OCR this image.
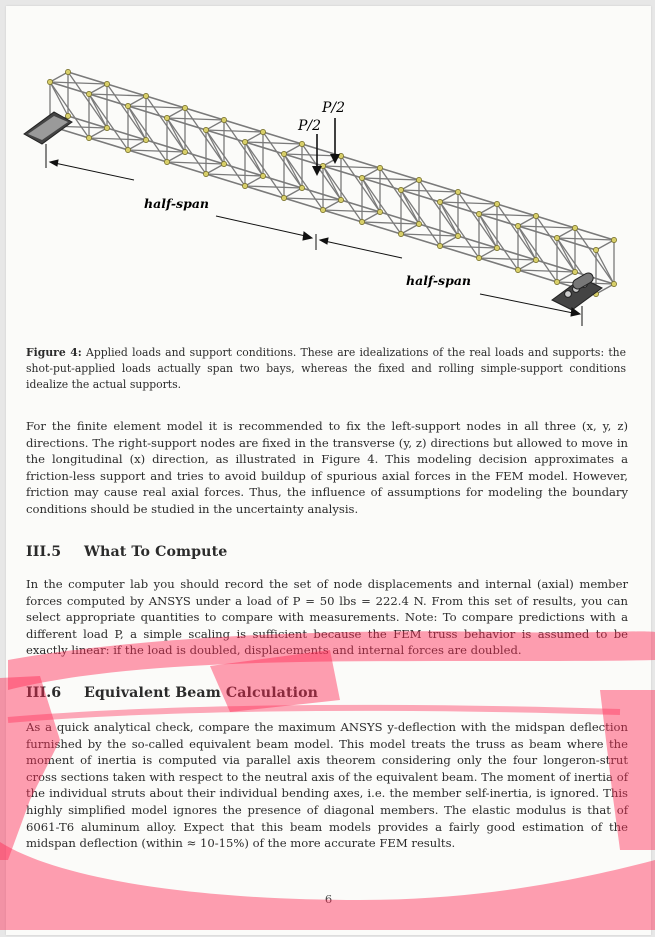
P/2
P/2
half-span
half-span
Figure 4: Applied loads and support conditions. These are idealizations of the real loads and supports: the shot-put-applied loads actually span two bays, whereas the fixed and rolling simple-support conditions idealize the actual supports.
For the finite element model it is recommended to fix the left-support nodes in all three (x, y, z) directions. The right-support nodes are fixed in the transverse (y, z) directions but allowed to move in the longitudinal (x) direction, as illustrated in Figure 4. This modeling decision approximates a friction-less support and tries to avoid buildup of spurious axial forces in the FEM model. However, friction may cause real axial forces. Thus, the influence of assumptions for modeling the boundary conditions should be studied in the uncertainty analysis.
III.5 What To Compute
In the computer lab you should record the set of node displacements and internal (axial) member forces computed by ANSYS under a load of P = 50 lbs = 222.4 N. From this set of results, you can select appropriate quantities to compare with measurements. Note: To compare predictions with a different load P, a simple scaling is sufficient because the FEM truss behavior is assumed to be exactly linear: if the load is doubled, displacements and internal forces are doubled.
III.6 Equivalent Beam Calculation
As a quick analytical check, compare the maximum ANSYS y-deflection with the midspan deflection furnished by the so-called equivalent beam model. This model treats the truss as beam where the moment of inertia is computed via parallel axis theorem considering only the four longeron-strut cross sections taken with respect to the neutral axis of the equivalent beam. The moment of inertia of the individual struts about their individual bending axes, i.e. the member self-inertia, is ignored. This highly simplified model ignores the presence of diagonal members. The elastic modulus is that of 6061-T6 aluminum alloy. Expect that this beam models provides a fairly good estimation of the midspan deflection (within ≈ 10-15%) of the more accurate FEM results.
6
